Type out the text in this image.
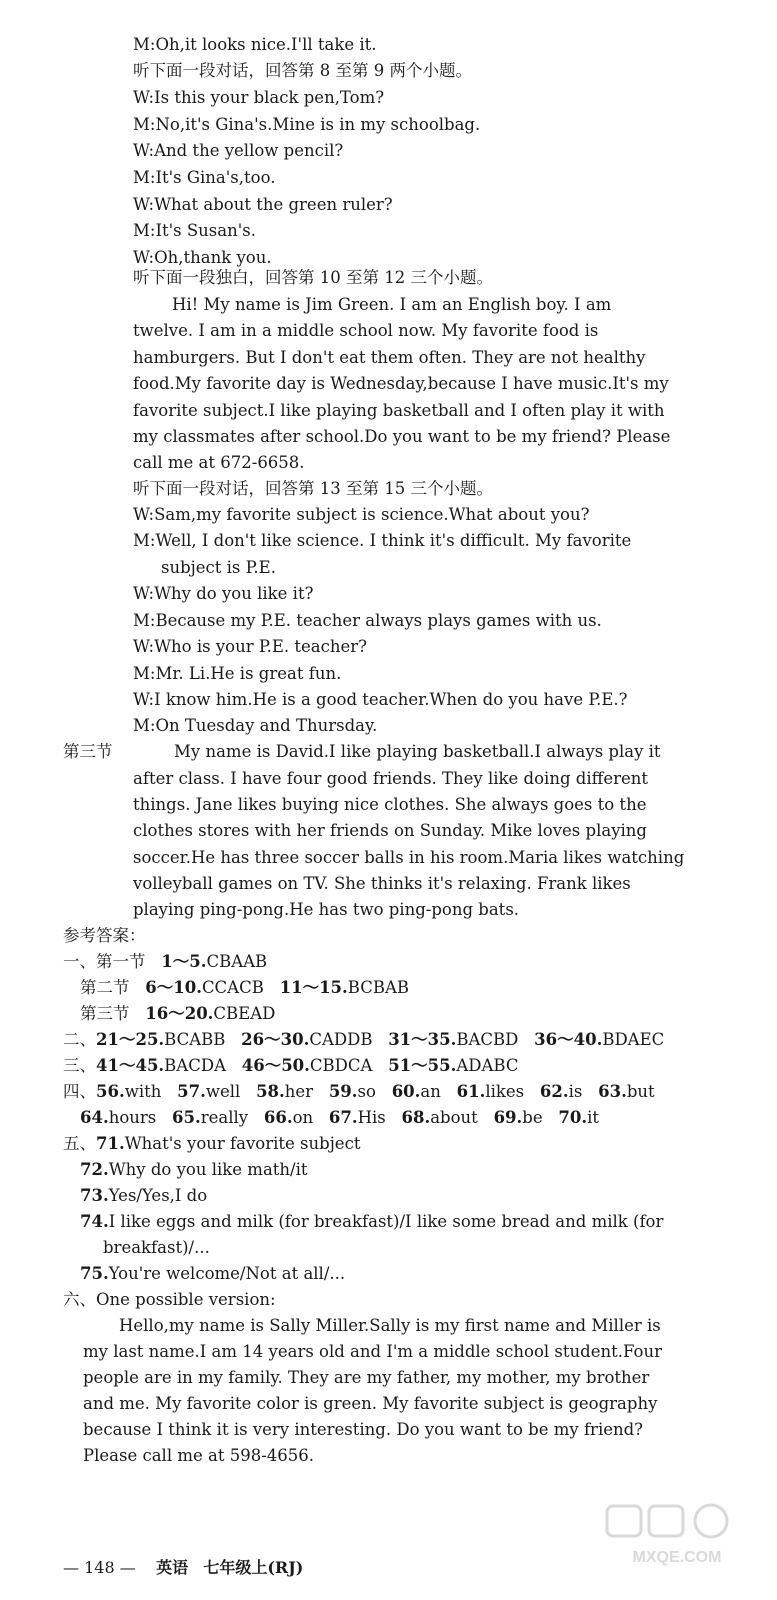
M:Oh,it looks nice.I'll take it.
听下面一段对话，回答第 8 至第 9 两个小题。
W:Is this your black pen,Tom?
M:No,it's Gina's.Mine is in my schoolbag.
W:And the yellow pencil?
M:It's Gina's,too.
W:What about the green ruler?
M:It's Susan's.
W:Oh,thank you.
听下面一段独白，回答第 10 至第 12 三个小题。
Hi! My name is Jim Green. I am an English boy. I am
twelve. I am in a middle school now. My favorite food is
hamburgers. But I don't eat them often. They are not healthy
food.My favorite day is Wednesday,because I have music.It's my
favorite subject.I like playing basketball and I often play it with
my classmates after school.Do you want to be my friend? Please
call me at 672-6658.
听下面一段对话，回答第 13 至第 15 三个小题。
W:Sam,my favorite subject is science.What about you?
M:Well, I don't like science. I think it's difficult. My favorite
subject is P.E.
W:Why do you like it?
M:Because my P.E. teacher always plays games with us.
W:Who is your P.E. teacher?
M:Mr. Li.He is great fun.
W:I know him.He is a good teacher.When do you have P.E.?
M:On Tuesday and Thursday.
第三节	My name is David.I like playing basketball.I always play it
after class. I have four good friends. They like doing different
things. Jane likes buying nice clothes. She always goes to the
clothes stores with her friends on Sunday. Mike loves playing
soccer.He has three soccer balls in his room.Maria likes watching
volleyball games on TV. She thinks it's relaxing. Frank likes
playing ping-pong.He has two ping-pong bats.
参考答案：
一、第一节 1～5.CBAAB
第二节 6～10.CCACB 11～15.BCBAB
第三节 16～20.CBEAD
二、21～25.BCABB 26～30.CADDB 31～35.BACBD 36～40.BDAEC
三、41～45.BACDA 46～50.CBDCA 51～55.ADABC
四、56.with 57.well 58.her 59.so 60.an 61.likes 62.is 63.but
64.hours 65.really 66.on 67.His 68.about 69.be 70.it
五、71.What's your favorite subject
72.Why do you like math/it
73.Yes/Yes,I do
74.I like eggs and milk (for breakfast)/I like some bread and milk (for
breakfast)/...
75.You're welcome/Not at all/...
六、One possible version:
Hello,my name is Sally Miller.Sally is my first name and Miller is
my last name.I am 14 years old and I'm a middle school student.Four
people are in my family. They are my father, my mother, my brother
and me. My favorite color is green. My favorite subject is geography
because I think it is very interesting. Do you want to be my friend?
Please call me at 598-4656.
— 148 — 英语 七年级上(RJ)
MXQE.COM
